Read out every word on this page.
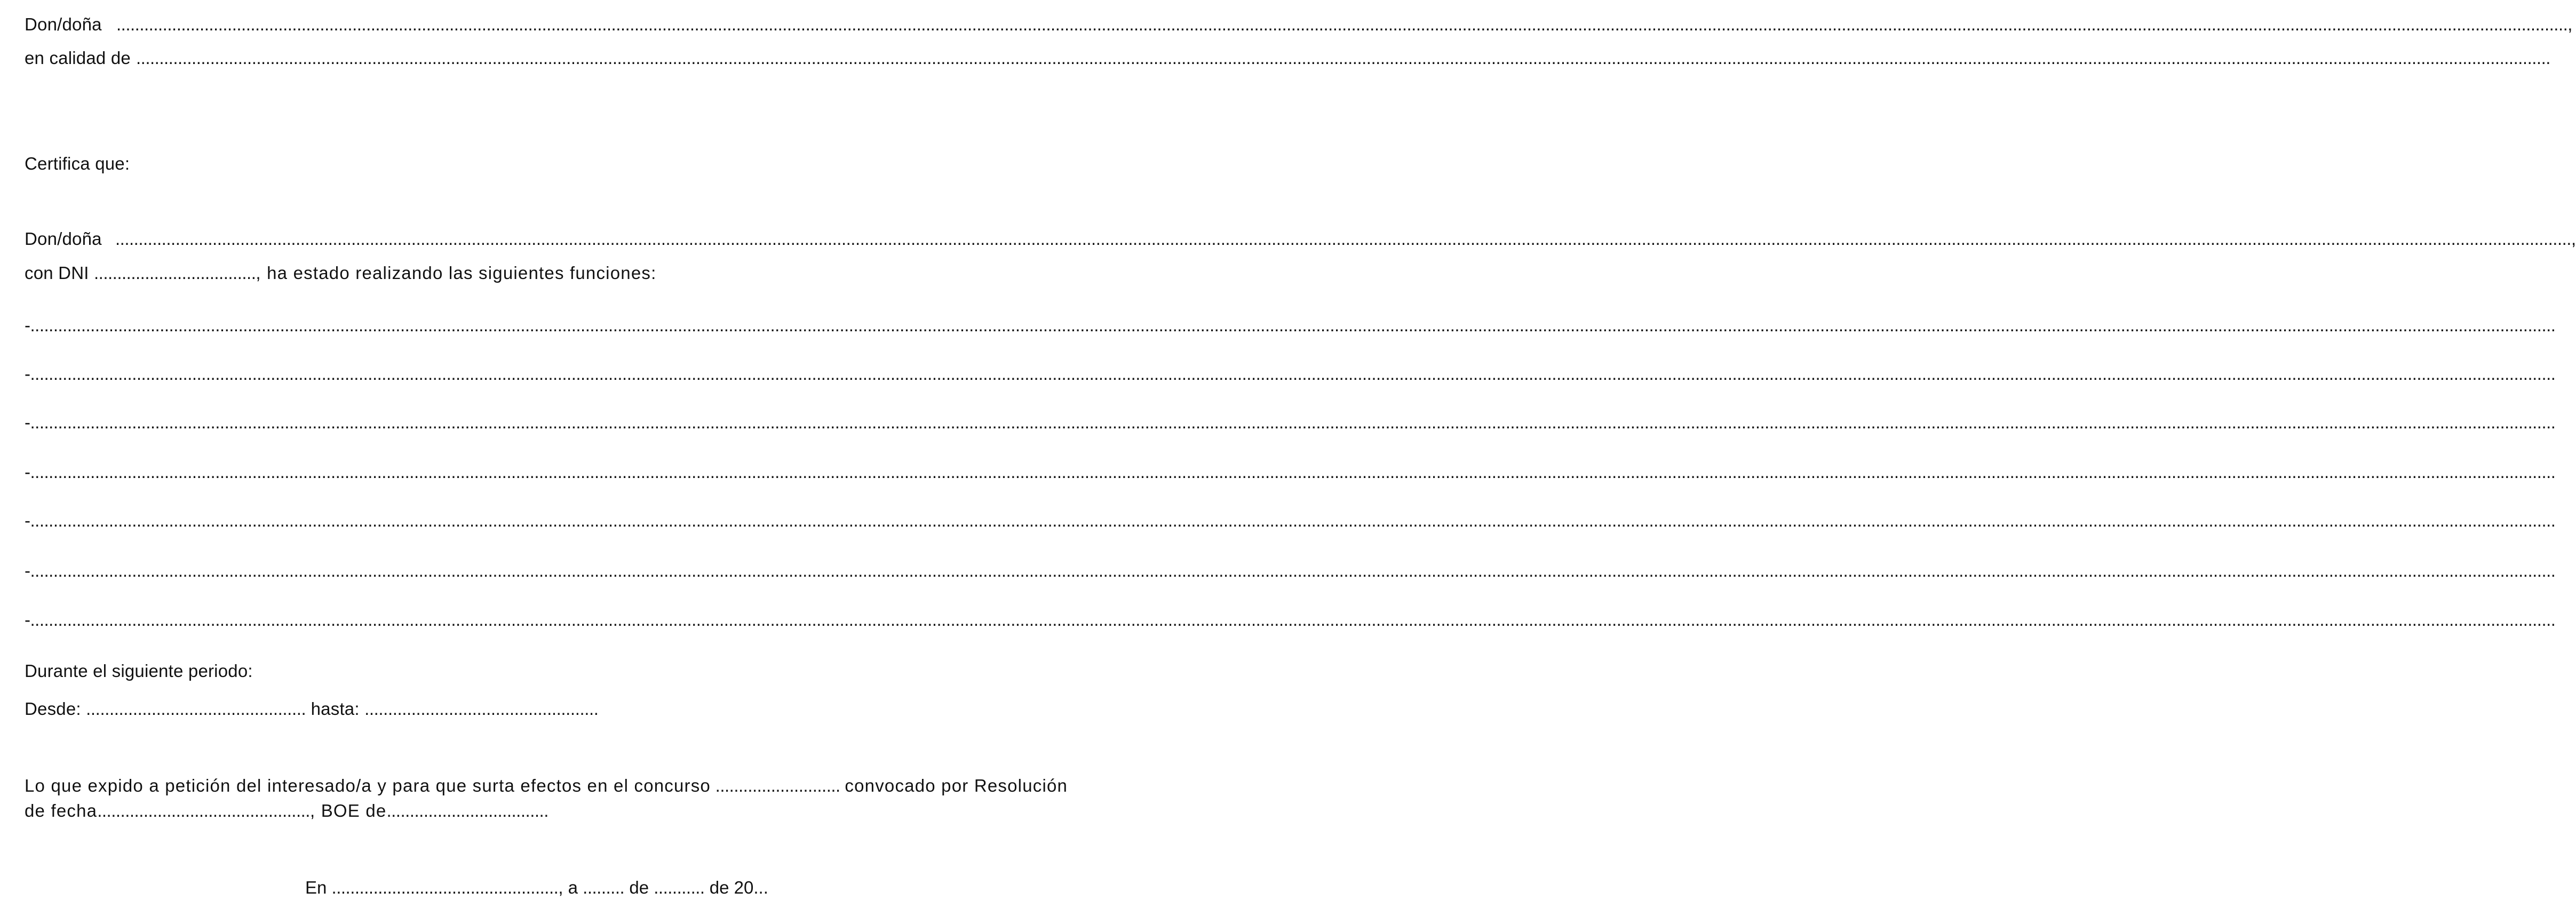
Don/doña ..................................................................................................................................................................................................................................................................................................................................................................................................................................................................................................................................................,
en calidad de ..........................................................................................................................................................................................................................................................................................................................................................................................................................................................................................................................................
Certifica que:
Don/doña ...................................................................................................................................................................................................................................................................................................................................................................................................................................................................................................................................................,
con DNI ..................................., ha estado realizando las siguientes funciones:
-..................................................................................................................................................................................................................................................................................................................................................................................................................................................................................................................................................................
-..................................................................................................................................................................................................................................................................................................................................................................................................................................................................................................................................................................
-..................................................................................................................................................................................................................................................................................................................................................................................................................................................................................................................................................................
-..................................................................................................................................................................................................................................................................................................................................................................................................................................................................................................................................................................
-..................................................................................................................................................................................................................................................................................................................................................................................................................................................................................................................................................................
-..................................................................................................................................................................................................................................................................................................................................................................................................................................................................................................................................................................
-..................................................................................................................................................................................................................................................................................................................................................................................................................................................................................................................................................................
Durante el siguiente periodo:
Desde: ............................................... hasta: ..................................................
Lo que expido a petición del interesado/a y para que surta efectos en el concurso ........................... convocado por Resolución
de fecha.............................................., BOE de...................................
En ................................................., a ......... de ........... de 20...
